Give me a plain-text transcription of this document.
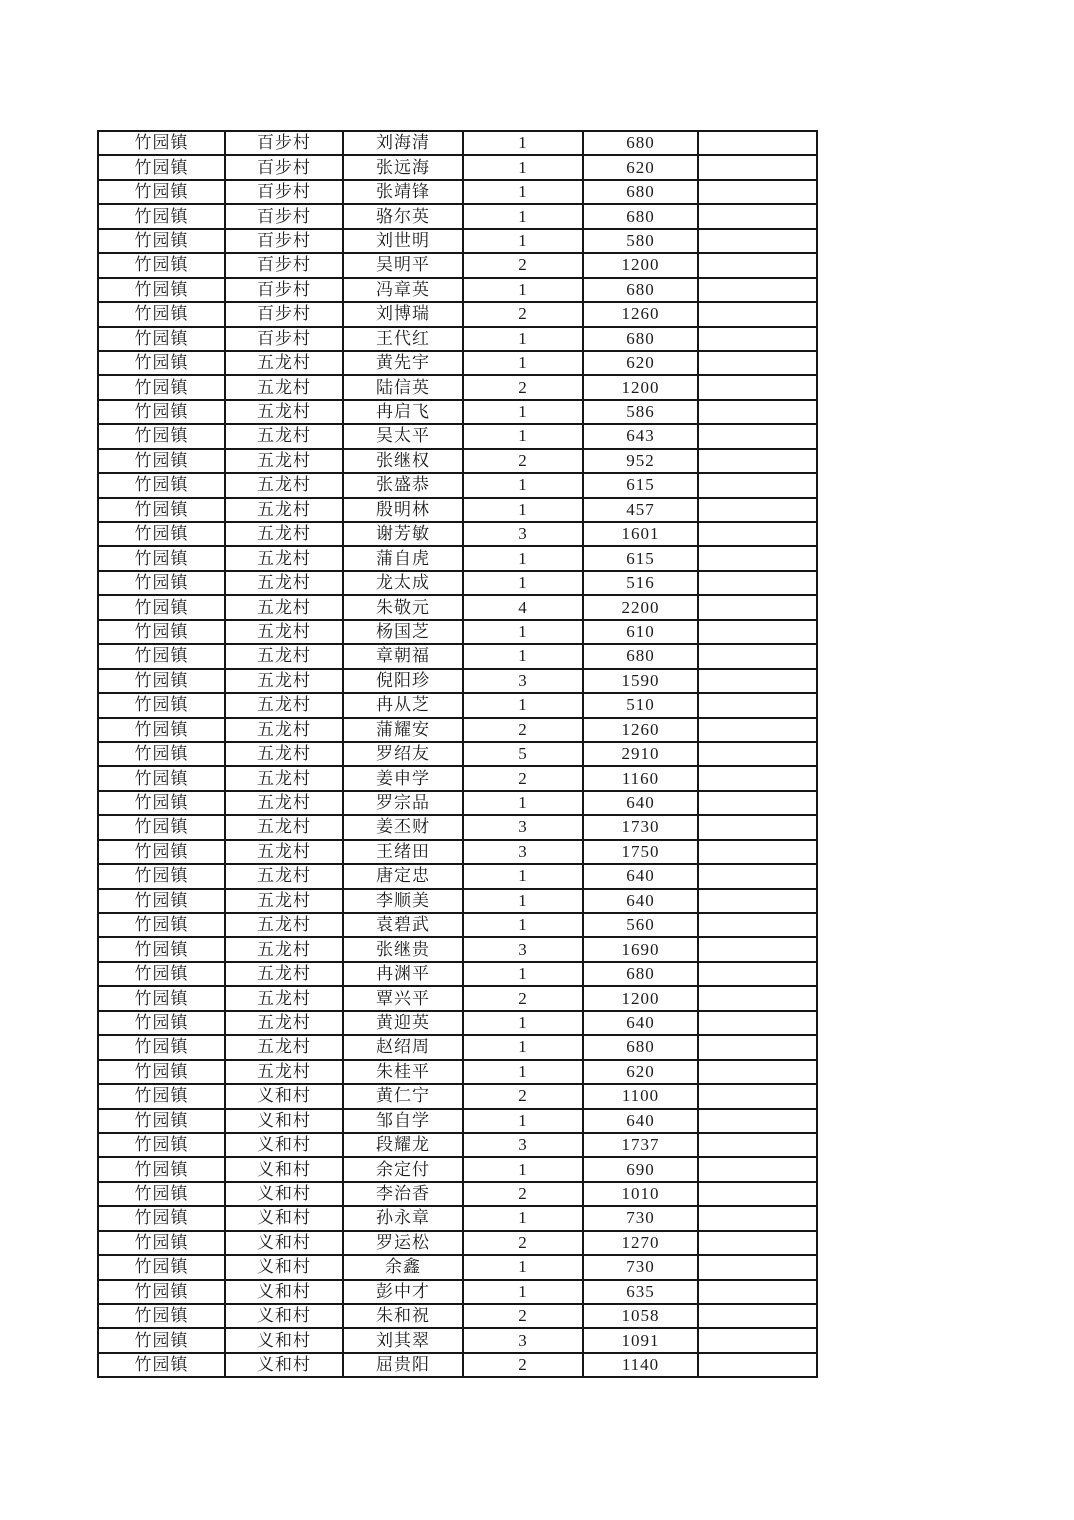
竹园镇	百步村	刘海清	1	680	
竹园镇	百步村	张远海	1	620	
竹园镇	百步村	张靖锋	1	680	
竹园镇	百步村	骆尔英	1	680	
竹园镇	百步村	刘世明	1	580	
竹园镇	百步村	吴明平	2	1200	
竹园镇	百步村	冯章英	1	680	
竹园镇	百步村	刘博瑞	2	1260	
竹园镇	百步村	王代红	1	680	
竹园镇	五龙村	黄先宇	1	620	
竹园镇	五龙村	陆信英	2	1200	
竹园镇	五龙村	冉启飞	1	586	
竹园镇	五龙村	吴太平	1	643	
竹园镇	五龙村	张继权	2	952	
竹园镇	五龙村	张盛恭	1	615	
竹园镇	五龙村	殷明林	1	457	
竹园镇	五龙村	谢芳敏	3	1601	
竹园镇	五龙村	蒲自虎	1	615	
竹园镇	五龙村	龙太成	1	516	
竹园镇	五龙村	朱敬元	4	2200	
竹园镇	五龙村	杨国芝	1	610	
竹园镇	五龙村	章朝福	1	680	
竹园镇	五龙村	倪阳珍	3	1590	
竹园镇	五龙村	冉从芝	1	510	
竹园镇	五龙村	蒲耀安	2	1260	
竹园镇	五龙村	罗绍友	5	2910	
竹园镇	五龙村	姜申学	2	1160	
竹园镇	五龙村	罗宗品	1	640	
竹园镇	五龙村	姜丕财	3	1730	
竹园镇	五龙村	王绪田	3	1750	
竹园镇	五龙村	唐定忠	1	640	
竹园镇	五龙村	李顺美	1	640	
竹园镇	五龙村	袁碧武	1	560	
竹园镇	五龙村	张继贵	3	1690	
竹园镇	五龙村	冉渊平	1	680	
竹园镇	五龙村	覃兴平	2	1200	
竹园镇	五龙村	黄迎英	1	640	
竹园镇	五龙村	赵绍周	1	680	
竹园镇	五龙村	朱桂平	1	620	
竹园镇	义和村	黄仁宁	2	1100	
竹园镇	义和村	邹自学	1	640	
竹园镇	义和村	段耀龙	3	1737	
竹园镇	义和村	余定付	1	690	
竹园镇	义和村	李治香	2	1010	
竹园镇	义和村	孙永章	1	730	
竹园镇	义和村	罗运松	2	1270	
竹园镇	义和村	余鑫	1	730	
竹园镇	义和村	彭中才	1	635	
竹园镇	义和村	朱和祝	2	1058	
竹园镇	义和村	刘其翠	3	1091	
竹园镇	义和村	屈贵阳	2	1140	
